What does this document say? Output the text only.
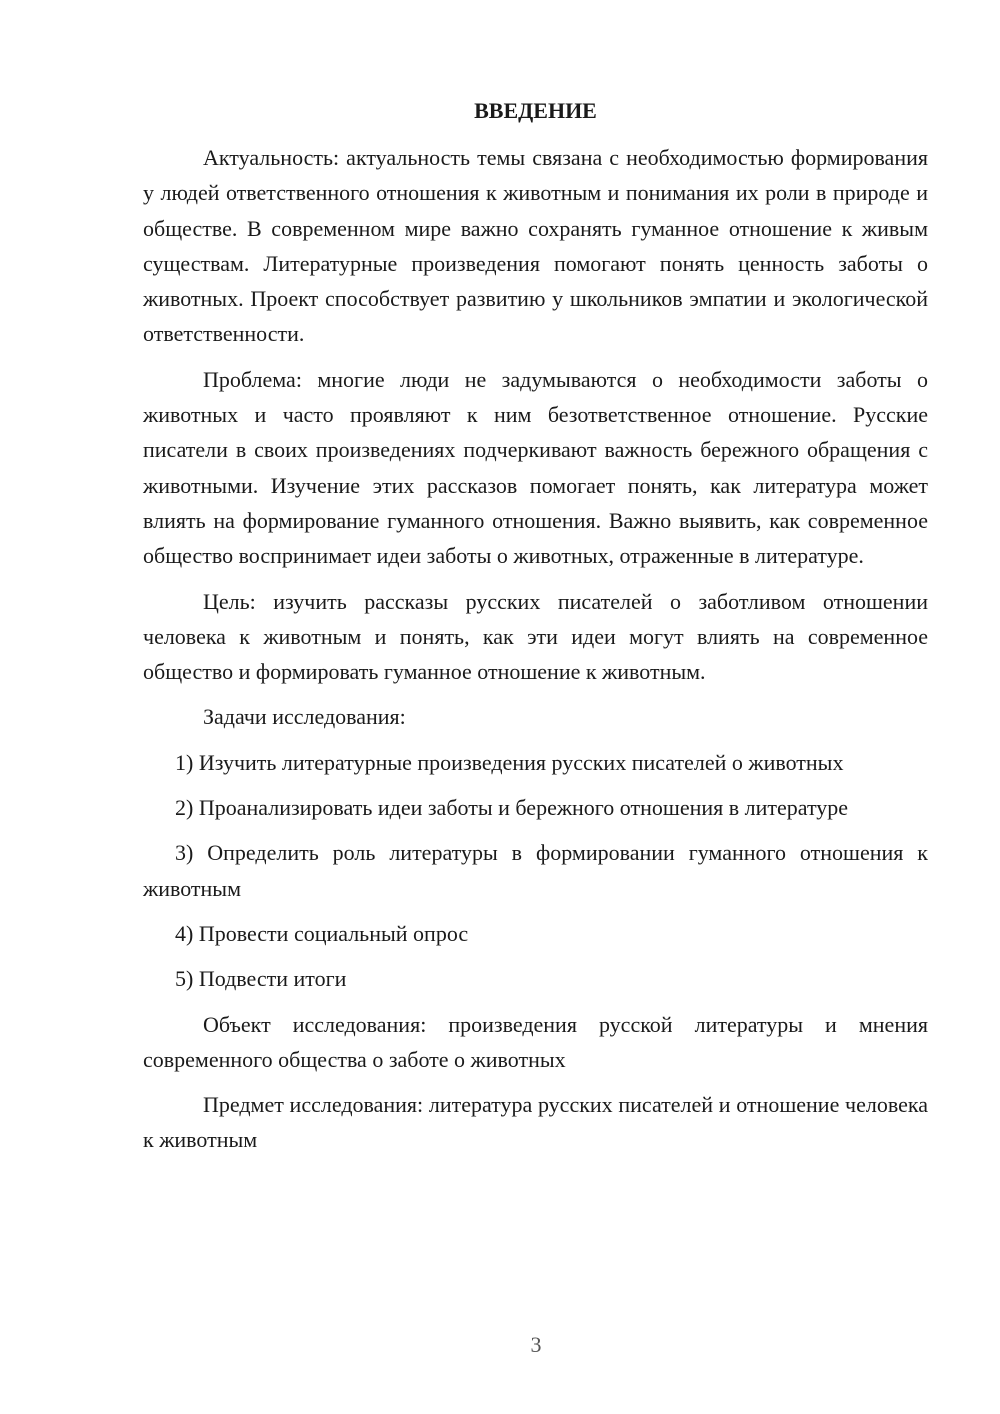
ВВЕДЕНИЕ

Актуальность: актуальность темы связана с необходимостью формирования у людей ответственного отношения к животным и понимания их роли в природе и обществе. В современном мире важно сохранять гуманное отношение к живым существам. Литературные произведения помогают понять ценность заботы о животных. Проект способствует развитию у школьников эмпатии и экологической ответственности.

Проблема: многие люди не задумываются о необходимости заботы о животных и часто проявляют к ним безответственное отношение. Русские писатели в своих произведениях подчеркивают важность бережного обращения с животными. Изучение этих рассказов помогает понять, как литература может влиять на формирование гуманного отношения. Важно выявить, как современное общество воспринимает идеи заботы о животных, отраженные в литературе.

Цель: изучить рассказы русских писателей о заботливом отношении человека к животным и понять, как эти идеи могут влиять на современное общество и формировать гуманное отношение к животным.

Задачи исследования:

1) Изучить литературные произведения русских писателей о животных

2) Проанализировать идеи заботы и бережного отношения в литературе

3) Определить роль литературы в формировании гуманного отношения к животным

4) Провести социальный опрос

5) Подвести итоги

Объект исследования: произведения русской литературы и мнения современного общества о заботе о животных

Предмет исследования: литература русских писателей и отношение человека к животным

3
